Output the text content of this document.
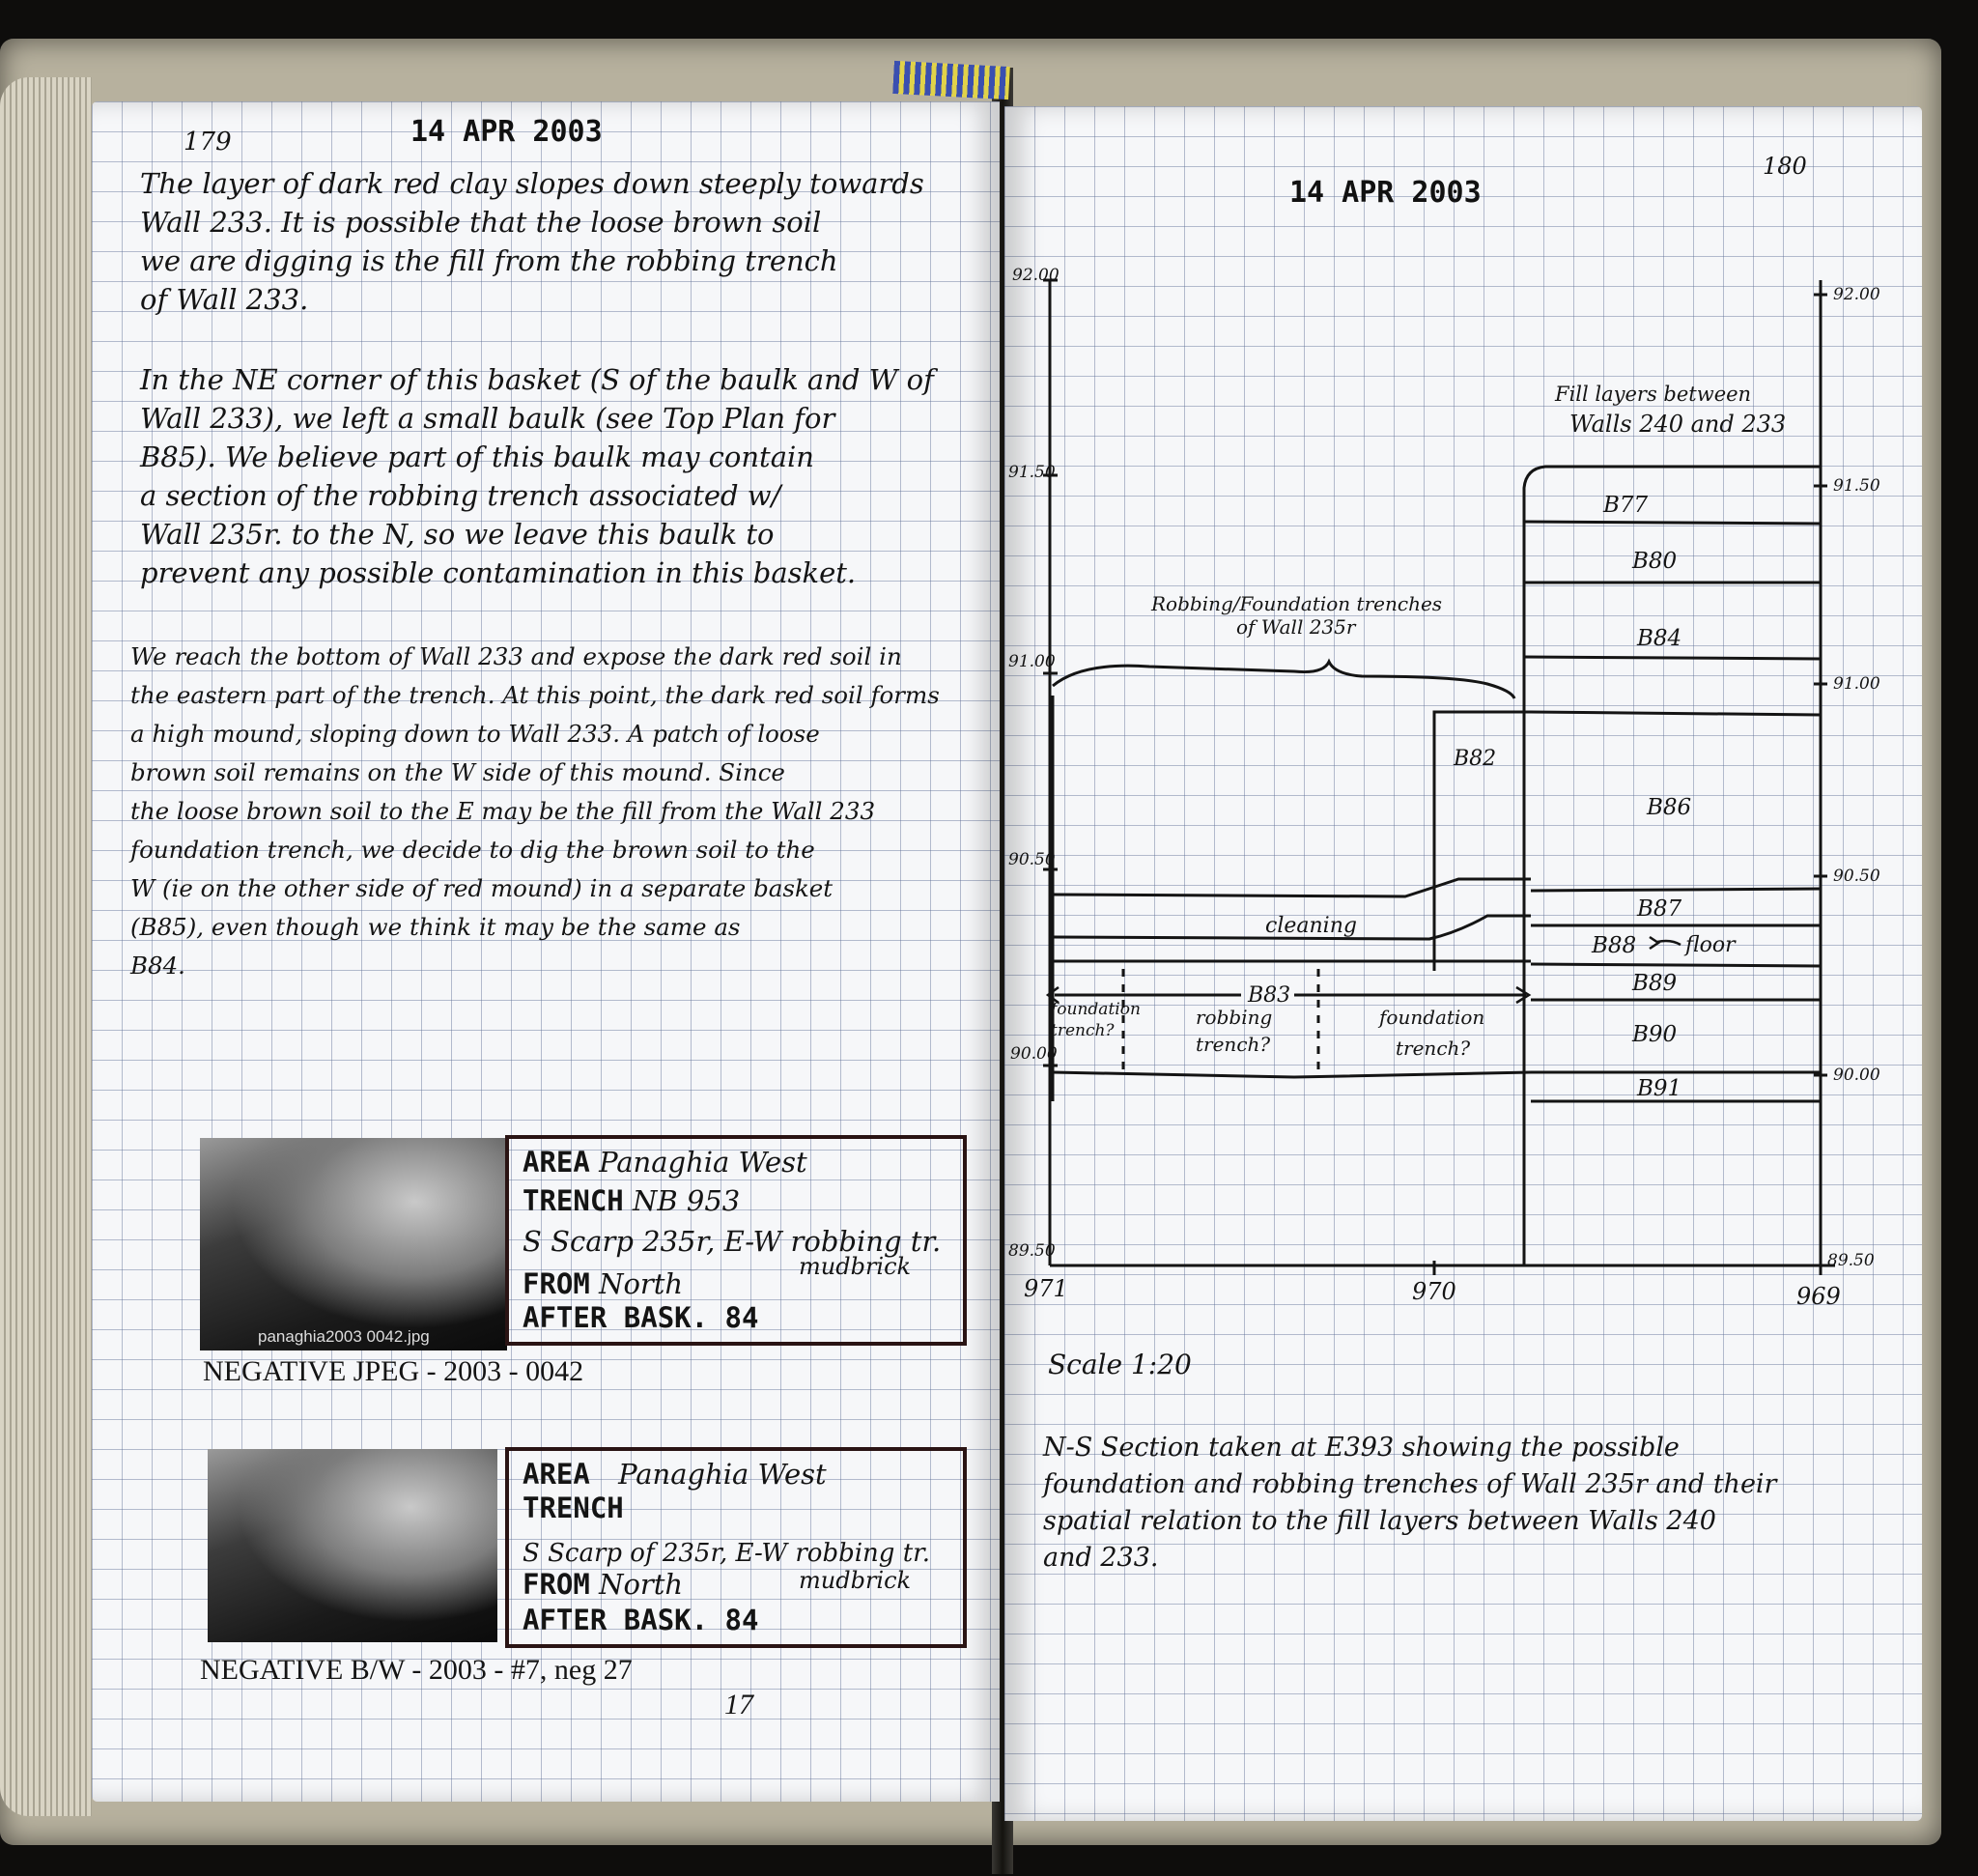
179	14 APR 2003
The layer of dark red clay slopes down steeply towards
Wall 233. It is possible that the loose brown soil
we are digging is the fill from the robbing trench
of Wall 233.
In the NE corner of this basket (S of the baulk and W of
Wall 233), we left a small baulk (see Top Plan for
B85). We believe part of this baulk may contain
a section of the robbing trench associated w/
Wall 235r. to the N, so we leave this baulk to
prevent any possible contamination in this basket.
We reach the bottom of Wall 233 and expose the dark red soil in
the eastern part of the trench. At this point, the dark red soil forms
a high mound, sloping down to Wall 233. A patch of loose
brown soil remains on the W side of this mound. Since
the loose brown soil to the E may be the fill from the Wall 233
foundation trench, we decide to dig the brown soil to the
W (ie on the other side of red mound) in a separate basket
(B85), even though we think it may be the same as
B84.
panaghia2003 0042.jpg
AREA Panaghia West
TRENCH NB 953
S Scarp 235r, E-W robbing tr.
mudbrick
FROM North
AFTER BASK. 84
NEGATIVE JPEG - 2003 - 0042
AREA Panaghia West
TRENCH
S Scarp of 235r, E-W robbing tr.
mudbrick
FROM North
AFTER BASK. 84
NEGATIVE B/W - 2003 - #7, neg 27
17
180
14 APR 2003
92.00
91.50
91.00
90.50
90.00
89.50
92.00
91.50
91.00
90.50
90.00
89.50
971	970	969
Fill layers between
Walls 240 and 233
B77
B80
B84
B86
B87
B88
B89
B90
B91
floor
Robbing/Foundation trenches
of Wall 235r
B82
cleaning
B83
foundation
trench?
robbing
trench?
foundation
trench?
Scale 1:20
N-S Section taken at E393 showing the possible
foundation and robbing trenches of Wall 235r and their
spatial relation to the fill layers between Walls 240
and 233.
